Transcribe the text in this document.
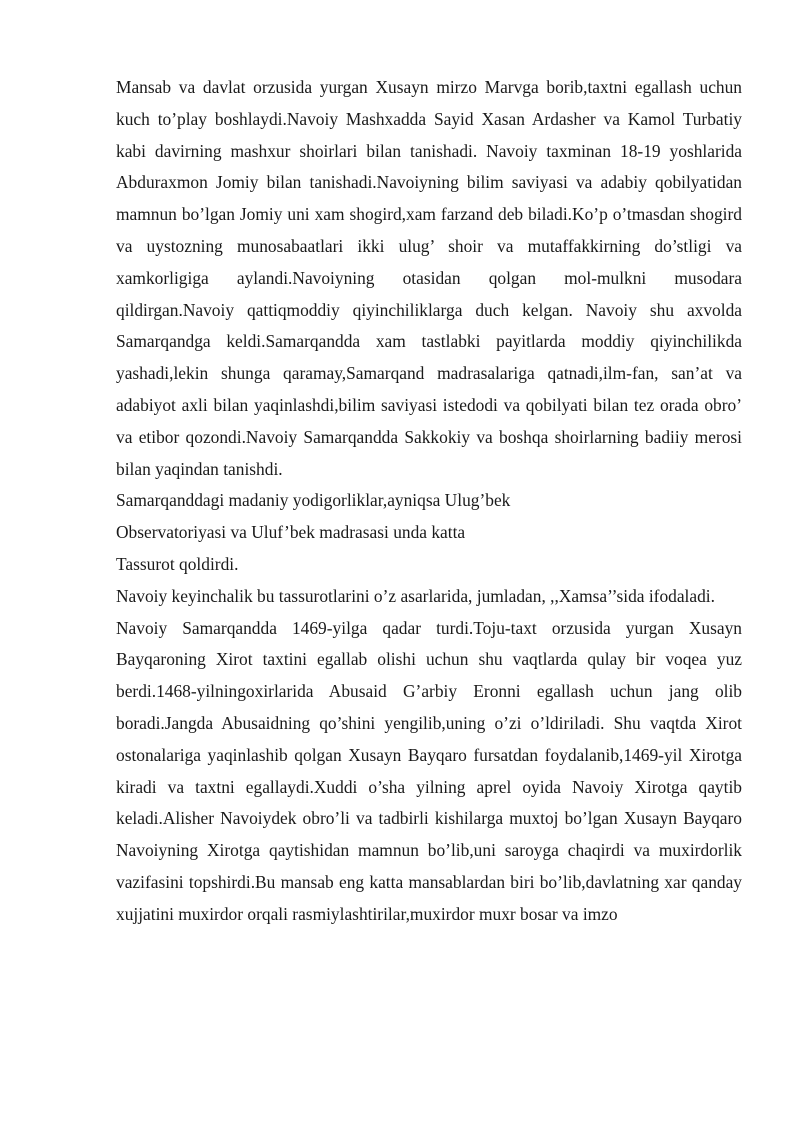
Mansab va davlat orzusida yurgan Xusayn mirzo Marvga borib,taxtni egallash uchun kuch to’play boshlaydi.Navoiy Mashxadda Sayid Xasan Ardasher va Kamol Turbatiy kabi davirning mashxur shoirlari bilan tanishadi. Navoiy taxminan 18-19 yoshlarida Abduraxmon Jomiy bilan tanishadi.Navoiyning bilim saviyasi va adabiy qobilyatidan mamnun bo’lgan Jomiy uni xam shogird,xam farzand deb biladi.Ko’p o’tmasdan shogird va uystozning munosabaatlari ikki ulug’ shoir va mutaffakkirning do’stligi va xamkorligiga aylandi.Navoiyning otasidan qolgan mol-mulkni musodara qildirgan.Navoiy qattiqmoddiy qiyinchiliklarga duch kelgan. Navoiy shu axvolda Samarqandga keldi.Samarqandda xam tastlabki payitlarda moddiy qiyinchilikda yashadi,lekin shunga qaramay,Samarqand madrasalariga qatnadi,ilm-fan, san’at va adabiyot axli bilan yaqinlashdi,bilim saviyasi istedodi va qobilyati bilan tez orada obro’ va etibor qozondi.Navoiy Samarqandda Sakkokiy va boshqa shoirlarning badiiy merosi bilan yaqindan tanishdi.

Samarqanddagi madaniy yodigorliklar,ayniqsa Ulug’bek

Observatoriyasi va Uluf’bek madrasasi unda katta

Tassurot qoldirdi.

Navoiy keyinchalik bu tassurotlarini o’z asarlarida, jumladan, ,,Xamsa’’sida ifodaladi.

Navoiy Samarqandda 1469-yilga qadar turdi.Toju-taxt orzusida yurgan Xusayn Bayqaroning Xirot taxtini egallab olishi uchun shu vaqtlarda qulay bir voqea yuz berdi.1468-yilningoxirlarida Abusaid G’arbiy Eronni egallash uchun jang olib boradi.Jangda Abusaidning qo’shini yengilib,uning o’zi o’ldiriladi. Shu vaqtda Xirot ostonalariga yaqinlashib qolgan Xusayn Bayqaro fursatdan foydalanib,1469-yil Xirotga kiradi va taxtni egallaydi.Xuddi o’sha yilning aprel oyida Navoiy Xirotga qaytib keladi.Alisher Navoiydek obro’li va tadbirli kishilarga muxtoj bo’lgan Xusayn Bayqaro Navoiyning Xirotga qaytishidan mamnun bo’lib,uni saroyga chaqirdi va muxirdorlik vazifasini topshirdi.Bu mansab eng katta mansablardan biri bo’lib,davlatning xar qanday xujjatini muxirdor orqali rasmiylashtirilar,muxirdor muxr bosar va imzo
